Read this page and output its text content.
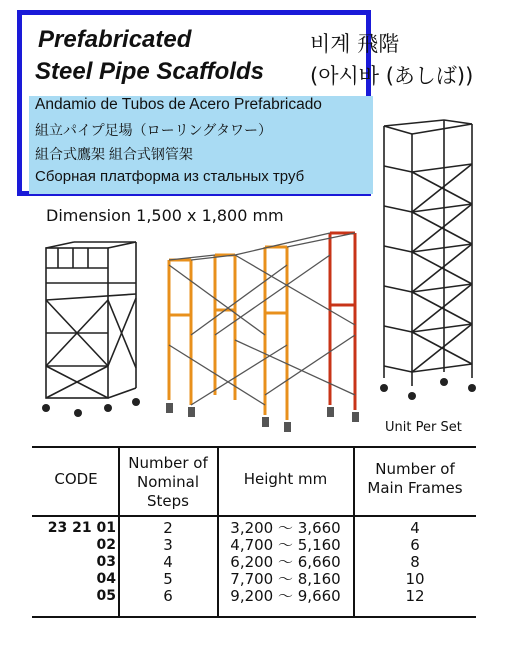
Prefabricated
Steel Pipe Scaffolds
비계 飛階
(아시바 (あしば))
Andamio de Tubos de Acero Prefabricado
組立パイプ足場（ローリングタワー）
組合式鷹架 組合式钢管架
Сборная платформа из стальных труб
Dimension 1,500 x 1,800 mm
Unit Per Set
CODE
Number of
Nominal
Steps
Height mm
Number of
Main Frames
23 21 01
02
03
04
05
2
3
4
5
6
3,200 ～ 3,660
4,700 ～ 5,160
6,200 ～ 6,660
7,700 ～ 8,160
9,200 ～ 9,660
4
6
8
10
12
